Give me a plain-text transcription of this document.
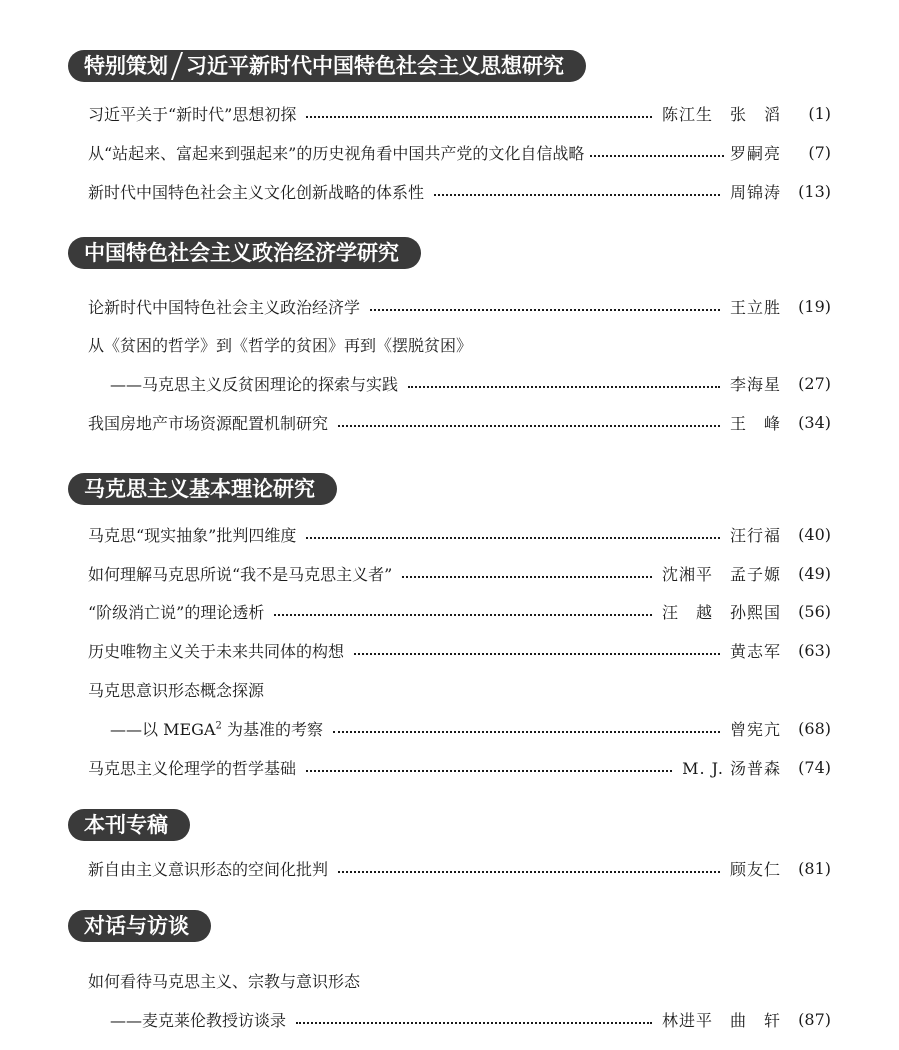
特别策划 习近平新时代中国特色社会主义思想研究
习近平关于“新时代”思想初探	陈江生　张　滔	(1)
从“站起来、富起来到强起来”的历史视角看中国共产党的文化自信战略	罗嗣亮	(7)
新时代中国特色社会主义文化创新战略的体系性	周锦涛	(13)
中国特色社会主义政治经济学研究
论新时代中国特色社会主义政治经济学	王立胜	(19)
从《贫困的哲学》到《哲学的贫困》再到《摆脱贫困》
——马克思主义反贫困理论的探索与实践	李海星	(27)
我国房地产市场资源配置机制研究	王　峰	(34)
马克思主义基本理论研究
马克思“现实抽象”批判四维度	汪行福	(40)
如何理解马克思所说“我不是马克思主义者”	沈湘平　孟子嫄	(49)
“阶级消亡说”的理论透析	汪　越　孙熙国	(56)
历史唯物主义关于未来共同体的构想	黄志军	(63)
马克思意识形态概念探源
——以 MEGA$^2$ 为基准的考察	曾宪亢	(68)
马克思主义伦理学的哲学基础	M. J. 汤普森	(74)
本刊专稿
新自由主义意识形态的空间化批判	顾友仁	(81)
对话与访谈
如何看待马克思主义、宗教与意识形态
——麦克莱伦教授访谈录	林进平　曲　轩	(87)
